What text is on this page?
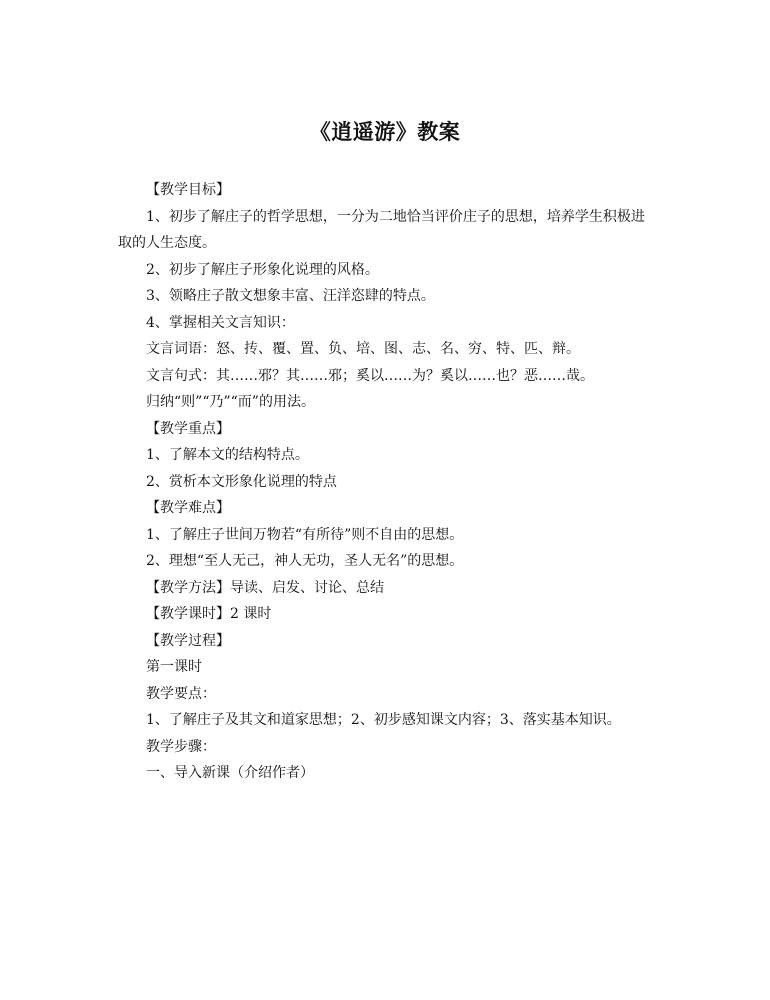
《逍遥游》教案

【教学目标】

1、初步了解庄子的哲学思想，一分为二地恰当评价庄子的思想，培养学生积极进取的人生态度。

2、初步了解庄子形象化说理的风格。

3、领略庄子散文想象丰富、汪洋恣肆的特点。

4、掌握相关文言知识：

文言词语：怒、抟、覆、置、负、培、图、志、名、穷、特、匹、辩。

文言句式：其……邪？其……邪；奚以……为？奚以……也？恶……哉。

归纳“则”“乃”“而”的用法。

【教学重点】

1、了解本文的结构特点。

2、赏析本文形象化说理的特点

【教学难点】

1、了解庄子世间万物若“有所待”则不自由的思想。

2、理想“至人无己，神人无功，圣人无名”的思想。

【教学方法】导读、启发、讨论、总结

【教学课时】2 课时

【教学过程】

第一课时

教学要点：

1、了解庄子及其文和道家思想；2、初步感知课文内容；3、落实基本知识。

教学步骤：

一、导入新课（介绍作者）
